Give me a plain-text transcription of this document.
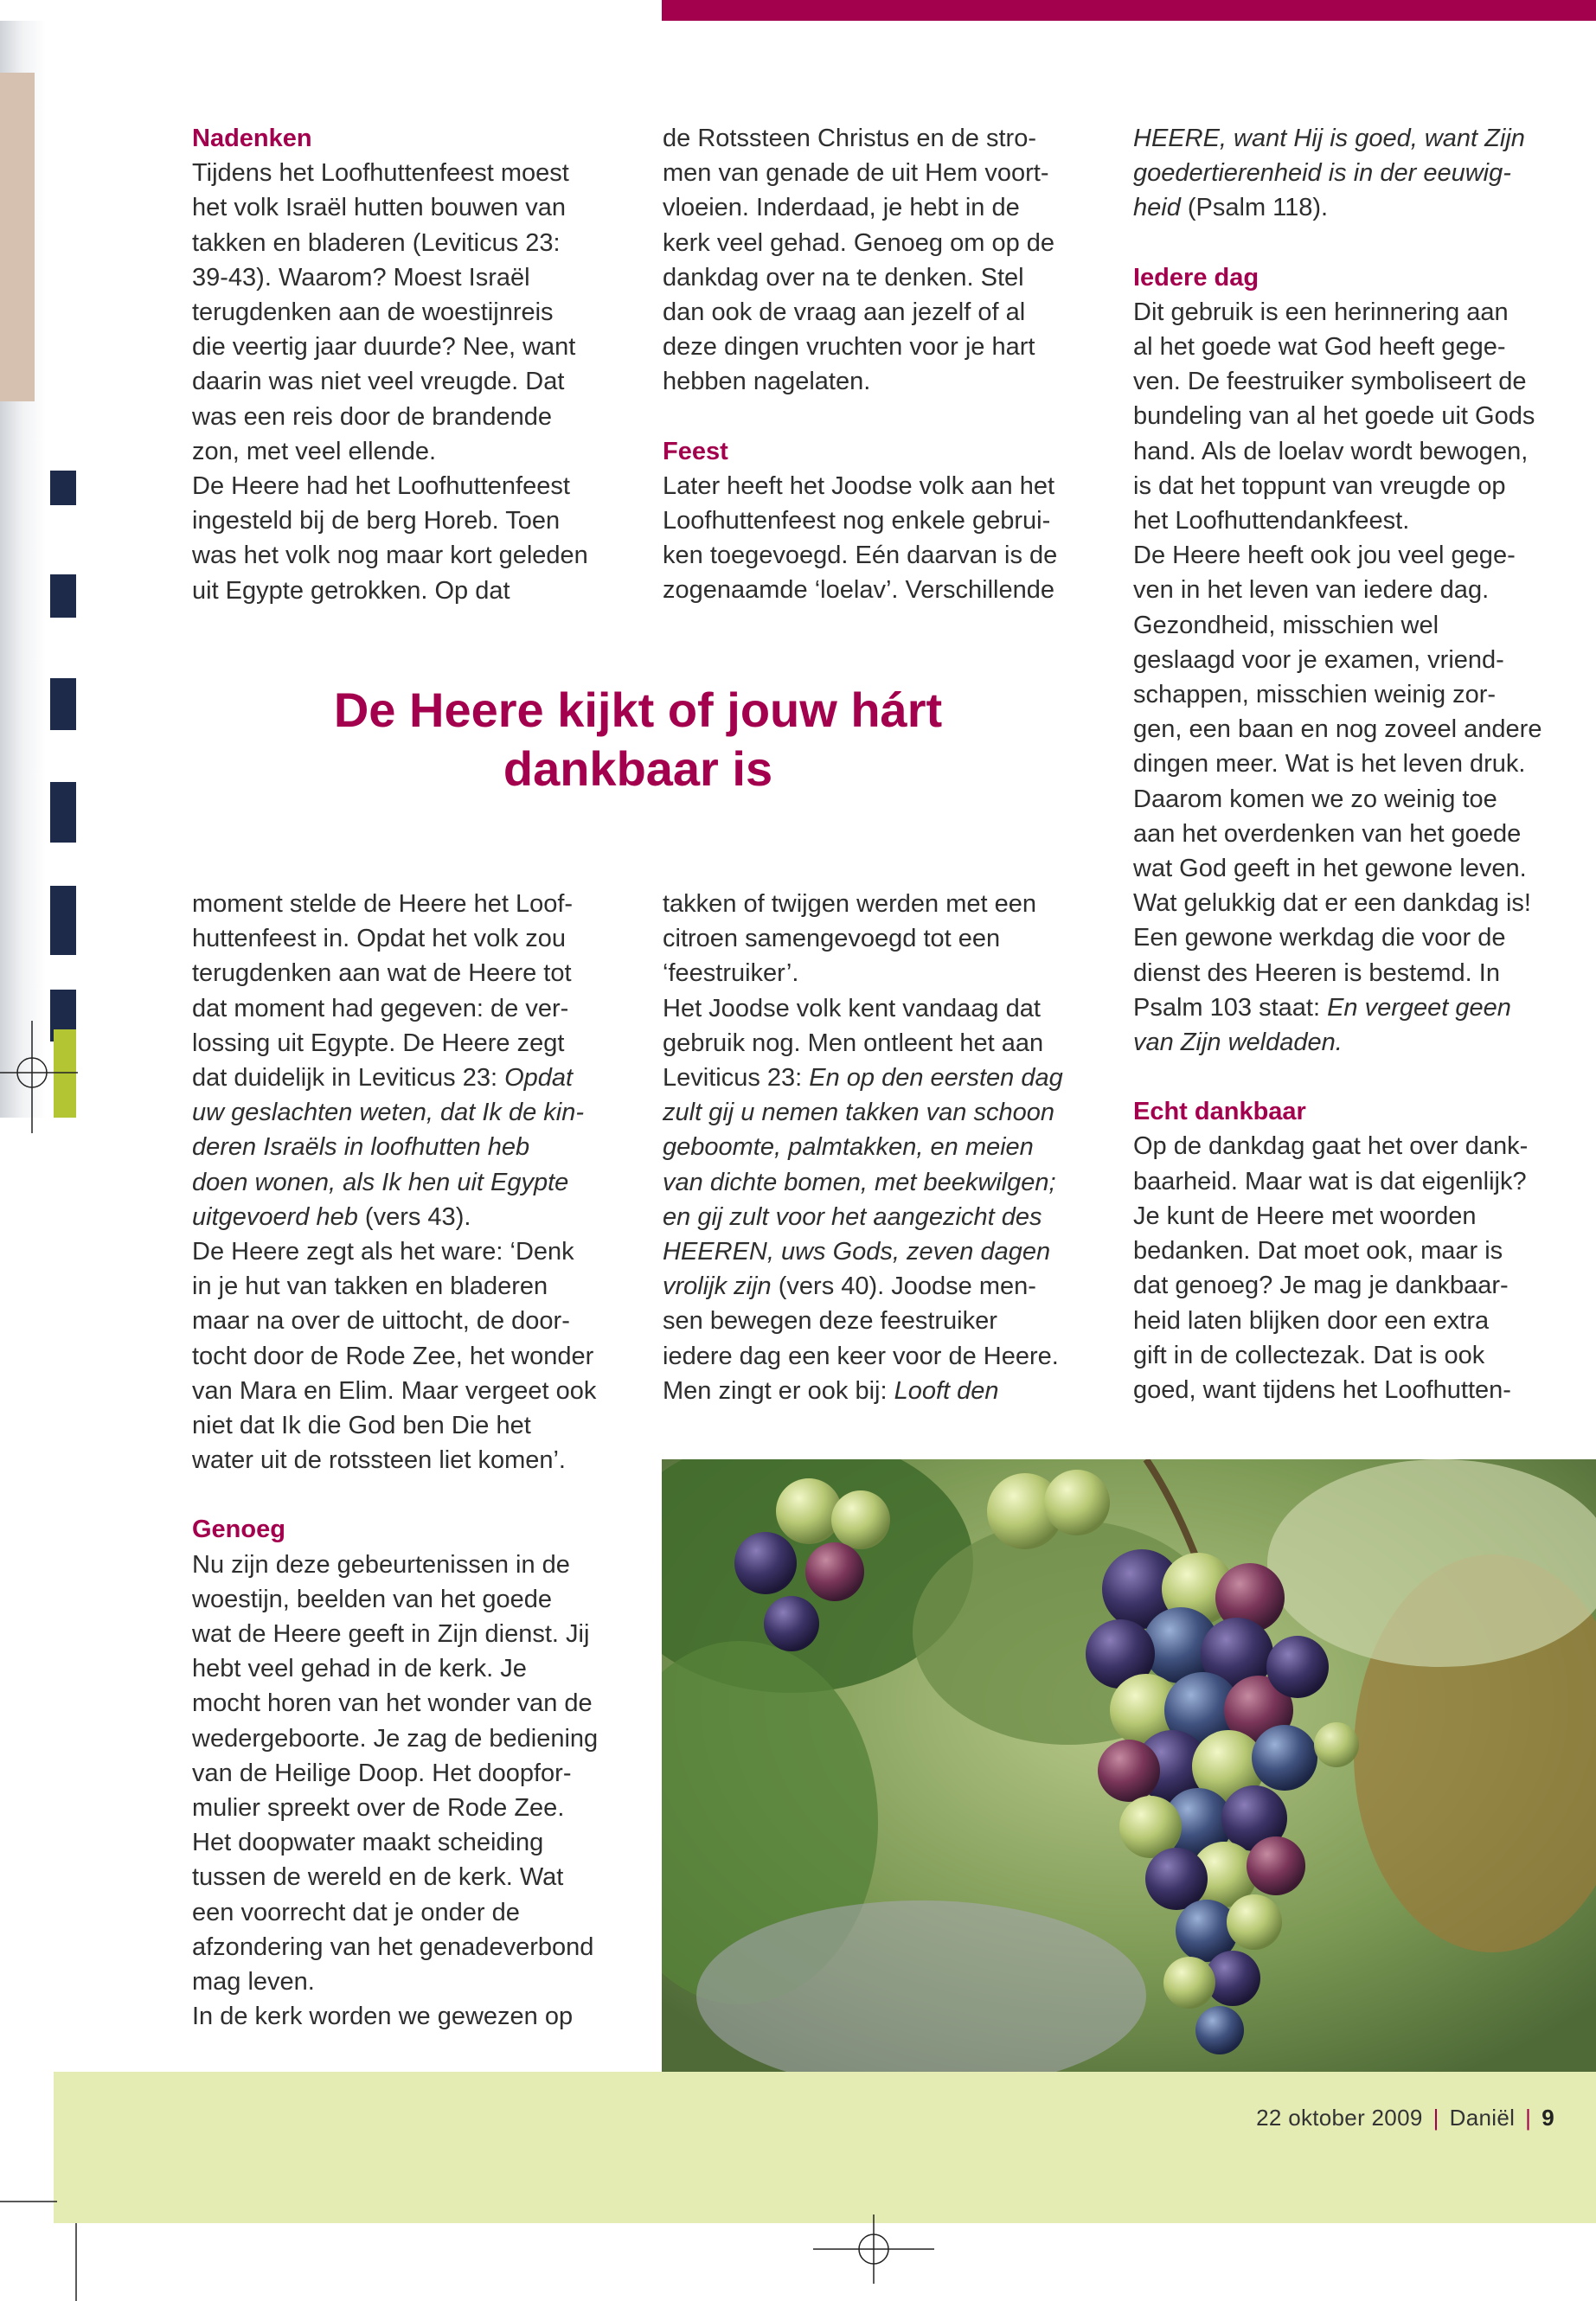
Nadenken

Tijdens het Loofhuttenfeest moest
het volk Israël hutten bouwen van
takken en bladeren (Leviticus 23:
39-43). Waarom? Moest Israël
terugdenken aan de woestijnreis
die veertig jaar duurde? Nee, want
daarin was niet veel vreugde. Dat
was een reis door de brandende
zon, met veel ellende.

De Heere had het Loofhuttenfeest
ingesteld bij de berg Horeb. Toen
was het volk nog maar kort geleden
uit Egypte getrokken. Op dat

de Rotssteen Christus en de stro-
men van genade de uit Hem voort-
vloeien. Inderdaad, je hebt in de
kerk veel gehad. Genoeg om op de
dankdag over na te denken. Stel
dan ook de vraag aan jezelf of al
deze dingen vruchten voor je hart
hebben nagelaten.

Feest

Later heeft het Joodse volk aan het
Loofhuttenfeest nog enkele gebrui-
ken toegevoegd. Eén daarvan is de
zogenaamde ‘loelav’. Verschillende

De Heere kijkt of jouw hárt dankbaar is

moment stelde de Heere het Loof-
huttenfeest in. Opdat het volk zou
terugdenken aan wat de Heere tot
dat moment had gegeven: de ver-
lossing uit Egypte. De Heere zegt
dat duidelijk in Leviticus 23: Opdat
uw geslachten weten, dat Ik de kin-
deren Israëls in loofhutten heb
doen wonen, als Ik hen uit Egypte
uitgevoerd heb (vers 43).

De Heere zegt als het ware: ‘Denk
in je hut van takken en bladeren
maar na over de uittocht, de door-
tocht door de Rode Zee, het wonder
van Mara en Elim. Maar vergeet ook
niet dat Ik die God ben Die het
water uit de rotssteen liet komen’.

Genoeg

Nu zijn deze gebeurtenissen in de
woestijn, beelden van het goede
wat de Heere geeft in Zijn dienst. Jij
hebt veel gehad in de kerk. Je
mocht horen van het wonder van de
wedergeboorte. Je zag de bediening
van de Heilige Doop. Het doopfor-
mulier spreekt over de Rode Zee.
Het doopwater maakt scheiding
tussen de wereld en de kerk. Wat
een voorrecht dat je onder de
afzondering van het genadeverbond
mag leven.

In de kerk worden we gewezen op

takken of twijgen werden met een
citroen samengevoegd tot een
‘feestruiker’.

Het Joodse volk kent vandaag dat
gebruik nog. Men ontleent het aan
Leviticus 23: En op den eersten dag
zult gij u nemen takken van schoon
geboomte, palmtakken, en meien
van dichte bomen, met beekwilgen;
en gij zult voor het aangezicht des
HEEREN, uws Gods, zeven dagen
vrolijk zijn (vers 40). Joodse men-
sen bewegen deze feestruiker
iedere dag een keer voor de Heere.
Men zingt er ook bij: Looft den

HEERE, want Hij is goed, want Zijn
goedertierenheid is in der eeuwig-
heid (Psalm 118).

Iedere dag

Dit gebruik is een herinnering aan
al het goede wat God heeft gege-
ven. De feestruiker symboliseert de
bundeling van al het goede uit Gods
hand. Als de loelav wordt bewogen,
is dat het toppunt van vreugde op
het Loofhuttendankfeest.

De Heere heeft ook jou veel gege-
ven in het leven van iedere dag.
Gezondheid, misschien wel
geslaagd voor je examen, vriend-
schappen, misschien weinig zor-
gen, een baan en nog zoveel andere
dingen meer. Wat is het leven druk.
Daarom komen we zo weinig toe
aan het overdenken van het goede
wat God geeft in het gewone leven.
Wat gelukkig dat er een dankdag is!
Een gewone werkdag die voor de
dienst des Heeren is bestemd. In
Psalm 103 staat: En vergeet geen
van Zijn weldaden.

Echt dankbaar

Op de dankdag gaat het over dank-
baarheid. Maar wat is dat eigenlijk?
Je kunt de Heere met woorden
bedanken. Dat moet ook, maar is
dat genoeg? Je mag je dankbaar-
heid laten blijken door een extra
gift in de collectezak. Dat is ook
goed, want tijdens het Loofhutten-

22 oktober 2009 | Daniël | 9
